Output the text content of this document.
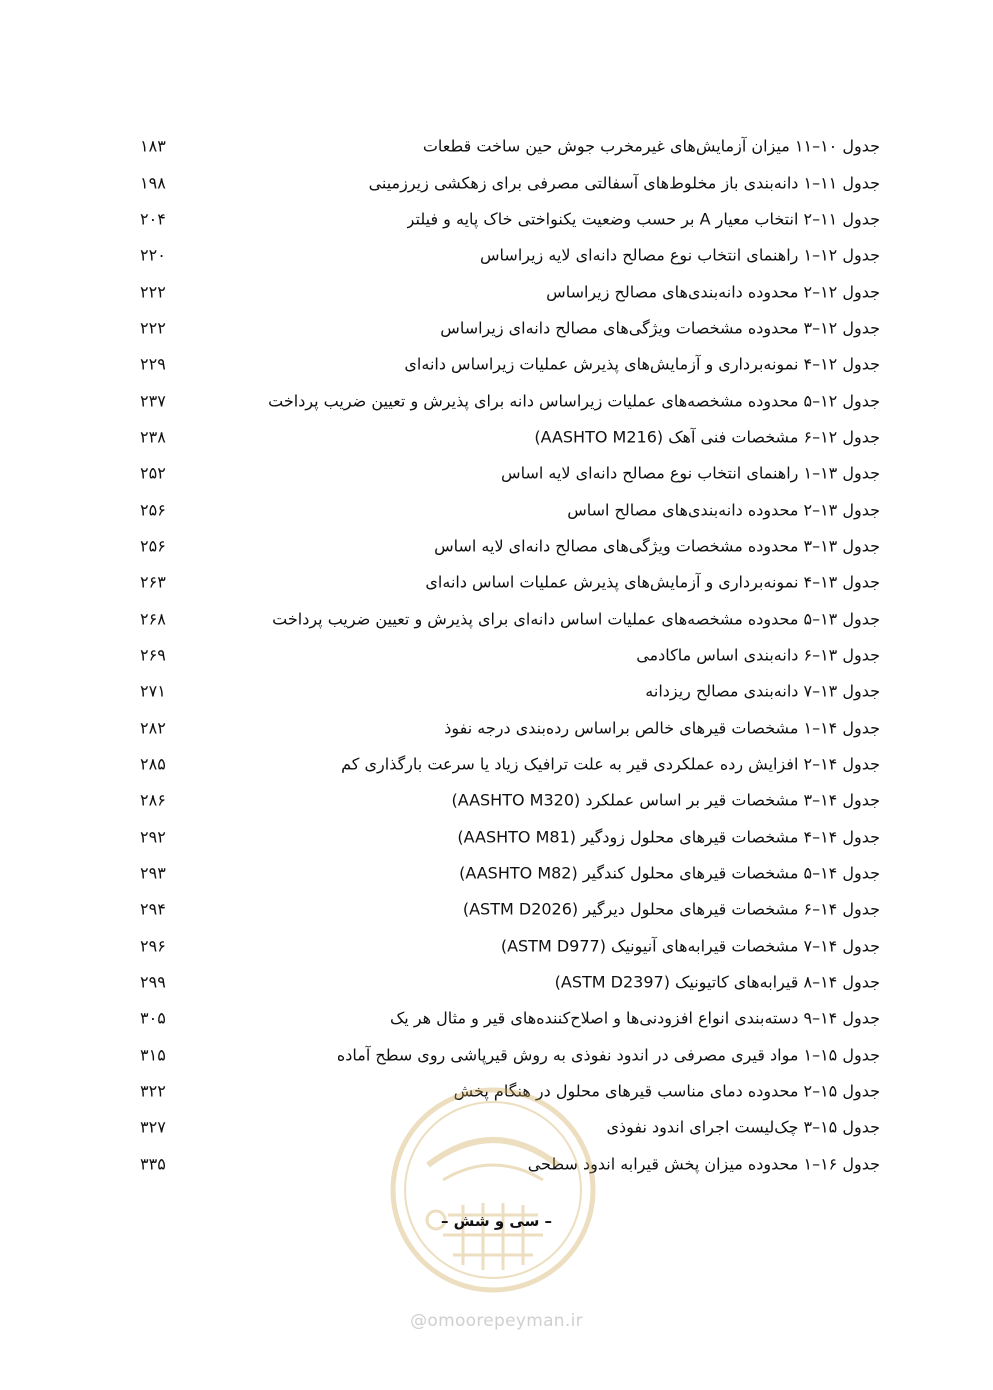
جدول ۱۰–۱۱ میزان آزمایش‌های غیرمخرب جوش حین ساخت قطعات
۱۸۳
جدول ۱۱–۱ دانه‌بندی باز مخلوط‌های آسفالتی مصرفی برای زهکشی زیرزمینی
۱۹۸
جدول ۱۱–۲ انتخاب معیار A بر حسب وضعیت یکنواختی خاک پایه و فیلتر
۲۰۴
جدول ۱۲–۱ راهنمای انتخاب نوع مصالح دانه‌ای لایه زیراساس
۲۲۰
جدول ۱۲–۲ محدوده دانه‌بندی‌های مصالح زیراساس
۲۲۲
جدول ۱۲–۳ محدوده مشخصات ویژگی‌های مصالح دانه‌ای زیراساس
۲۲۲
جدول ۱۲–۴ نمونه‌برداری و آزمایش‌های پذیرش عملیات زیراساس دانه‌ای
۲۲۹
جدول ۱۲–۵ محدوده مشخصه‌های عملیات زیراساس دانه برای پذیرش و تعیین ضریب پرداخت
۲۳۷
جدول ۱۲–۶ مشخصات فنی آهک (AASHTO M216)
۲۳۸
جدول ۱۳–۱ راهنمای انتخاب نوع مصالح دانه‌ای لایه اساس
۲۵۲
جدول ۱۳–۲ محدوده دانه‌بندی‌های مصالح اساس
۲۵۶
جدول ۱۳–۳ محدوده مشخصات ویژگی‌های مصالح دانه‌ای لایه اساس
۲۵۶
جدول ۱۳–۴ نمونه‌برداری و آزمایش‌های پذیرش عملیات اساس دانه‌ای
۲۶۳
جدول ۱۳–۵ محدوده مشخصه‌های عملیات اساس دانه‌ای برای پذیرش و تعیین ضریب پرداخت
۲۶۸
جدول ۱۳–۶ دانه‌بندی اساس ماکادمی
۲۶۹
جدول ۱۳–۷ دانه‌بندی مصالح ریزدانه
۲۷۱
جدول ۱۴–۱ مشخصات قیرهای خالص براساس رده‌بندی درجه نفوذ
۲۸۲
جدول ۱۴–۲ افزایش رده عملکردی قیر به علت ترافیک زیاد یا سرعت بارگذاری کم
۲۸۵
جدول ۱۴–۳ مشخصات قیر بر اساس عملکرد (AASHTO M320)
۲۸۶
جدول ۱۴–۴ مشخصات قیرهای محلول زودگیر (AASHTO M81)
۲۹۲
جدول ۱۴–۵ مشخصات قیرهای محلول کندگیر (AASHTO M82)
۲۹۳
جدول ۱۴–۶ مشخصات قیرهای محلول دیرگیر (ASTM D2026)
۲۹۴
جدول ۱۴–۷ مشخصات قیرابه‌های آنیونیک (ASTM D977)
۲۹۶
جدول ۱۴–۸ قیرابه‌های کاتیونیک (ASTM D2397)
۲۹۹
جدول ۱۴–۹ دسته‌بندی انواع افزودنی‌ها و اصلاح‌کننده‌های قیر و مثال هر یک
۳۰۵
جدول ۱۵–۱ مواد قیری مصرفی در اندود نفوذی به روش قیرپاشی روی سطح آماده
۳۱۵
جدول ۱۵–۲ محدوده دمای مناسب قیرهای محلول در هنگام پخش
۳۲۲
جدول ۱۵–۳ چک‌لیست اجرای اندود نفوذی
۳۲۷
جدول ۱۶–۱ محدوده میزان پخش قیرابه اندود سطحی
۳۳۵
– سی و شش –
@omoorepeyman.ir
